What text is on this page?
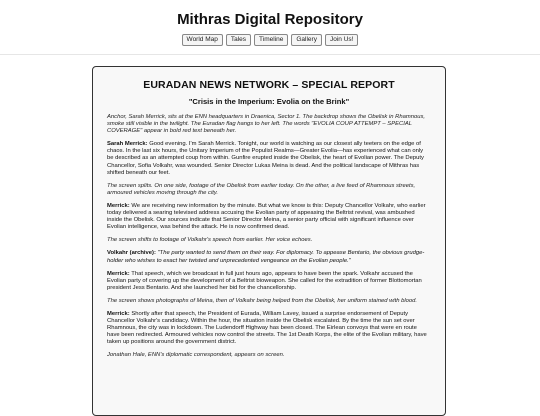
Mithras Digital Repository
World Map	Tales	Timeline	Gallery	Join Us!
EURADAN NEWS NETWORK – SPECIAL REPORT
"Crisis in the Imperium: Evolia on the Brink"

Anchor, Sarah Merrick, sits at the ENN headquarters in Draenica, Sector 1. The backdrop shows the Obelisk in Rhamnous, smoke still visible in the twilight. The Euradan flag hangs to her left. The words "EVOLIA COUP ATTEMPT – SPECIAL COVERAGE" appear in bold red text beneath her.

Sarah Merrick: Good evening. I'm Sarah Merrick. Tonight, our world is watching as our closest ally teeters on the edge of chaos. In the last six hours, the Unitary Imperium of the Populist Realms—Greater Evolia—has experienced what can only be described as an attempted coup from within. Gunfire erupted inside the Obelisk, the heart of Evolian power. The Deputy Chancellor, Sofia Volkahr, was wounded. Senior Director Lukas Meina is dead. And the political landscape of Mithras has shifted beneath our feet.

The screen splits. On one side, footage of the Obelisk from earlier today. On the other, a live feed of Rhamnous streets, armoured vehicles moving through the city.

Merrick: We are receiving new information by the minute. But what we know is this: Deputy Chancellor Volkahr, who earlier today delivered a searing televised address accusing the Evolian party of appeasing the Beltrist revival, was ambushed inside the Obelisk. Our sources indicate that Senior Director Meina, a senior party official with significant influence over Evolian intelligence, was behind the attack. He is now confirmed dead.

The screen shifts to footage of Volkahr's speech from earlier. Her voice echoes.

Volkahr (archive): "The party wanted to send them on their way. For diplomacy. To appease Bentario, the obvious grudge-holder who wishes to exact her twisted and unprecedented vengeance on the Evolian people."

Merrick: That speech, which we broadcast in full just hours ago, appears to have been the spark. Volkahr accused the Evolian party of covering up the development of a Beltrist bioweapon. She called for the extradition of former Blottomortan president Jess Bentario. And she launched her bid for the chancellorship.

The screen shows photographs of Meina, then of Volkahr being helped from the Obelisk, her uniform stained with blood.

Merrick: Shortly after that speech, the President of Eurada, William Lavey, issued a surprise endorsement of Deputy Chancellor Volkahr's candidacy. Within the hour, the situation inside the Obelisk escalated. By the time the sun set over Rhamnous, the city was in lockdown. The Ludendorff Highway has been closed. The Eirlean convoys that were en route have been redirected. Armoured vehicles now control the streets. The 1st Death Korps, the elite of the Evolian military, have taken up positions around the government district.

Jonathan Hale, ENN's diplomatic correspondent, appears on screen.
